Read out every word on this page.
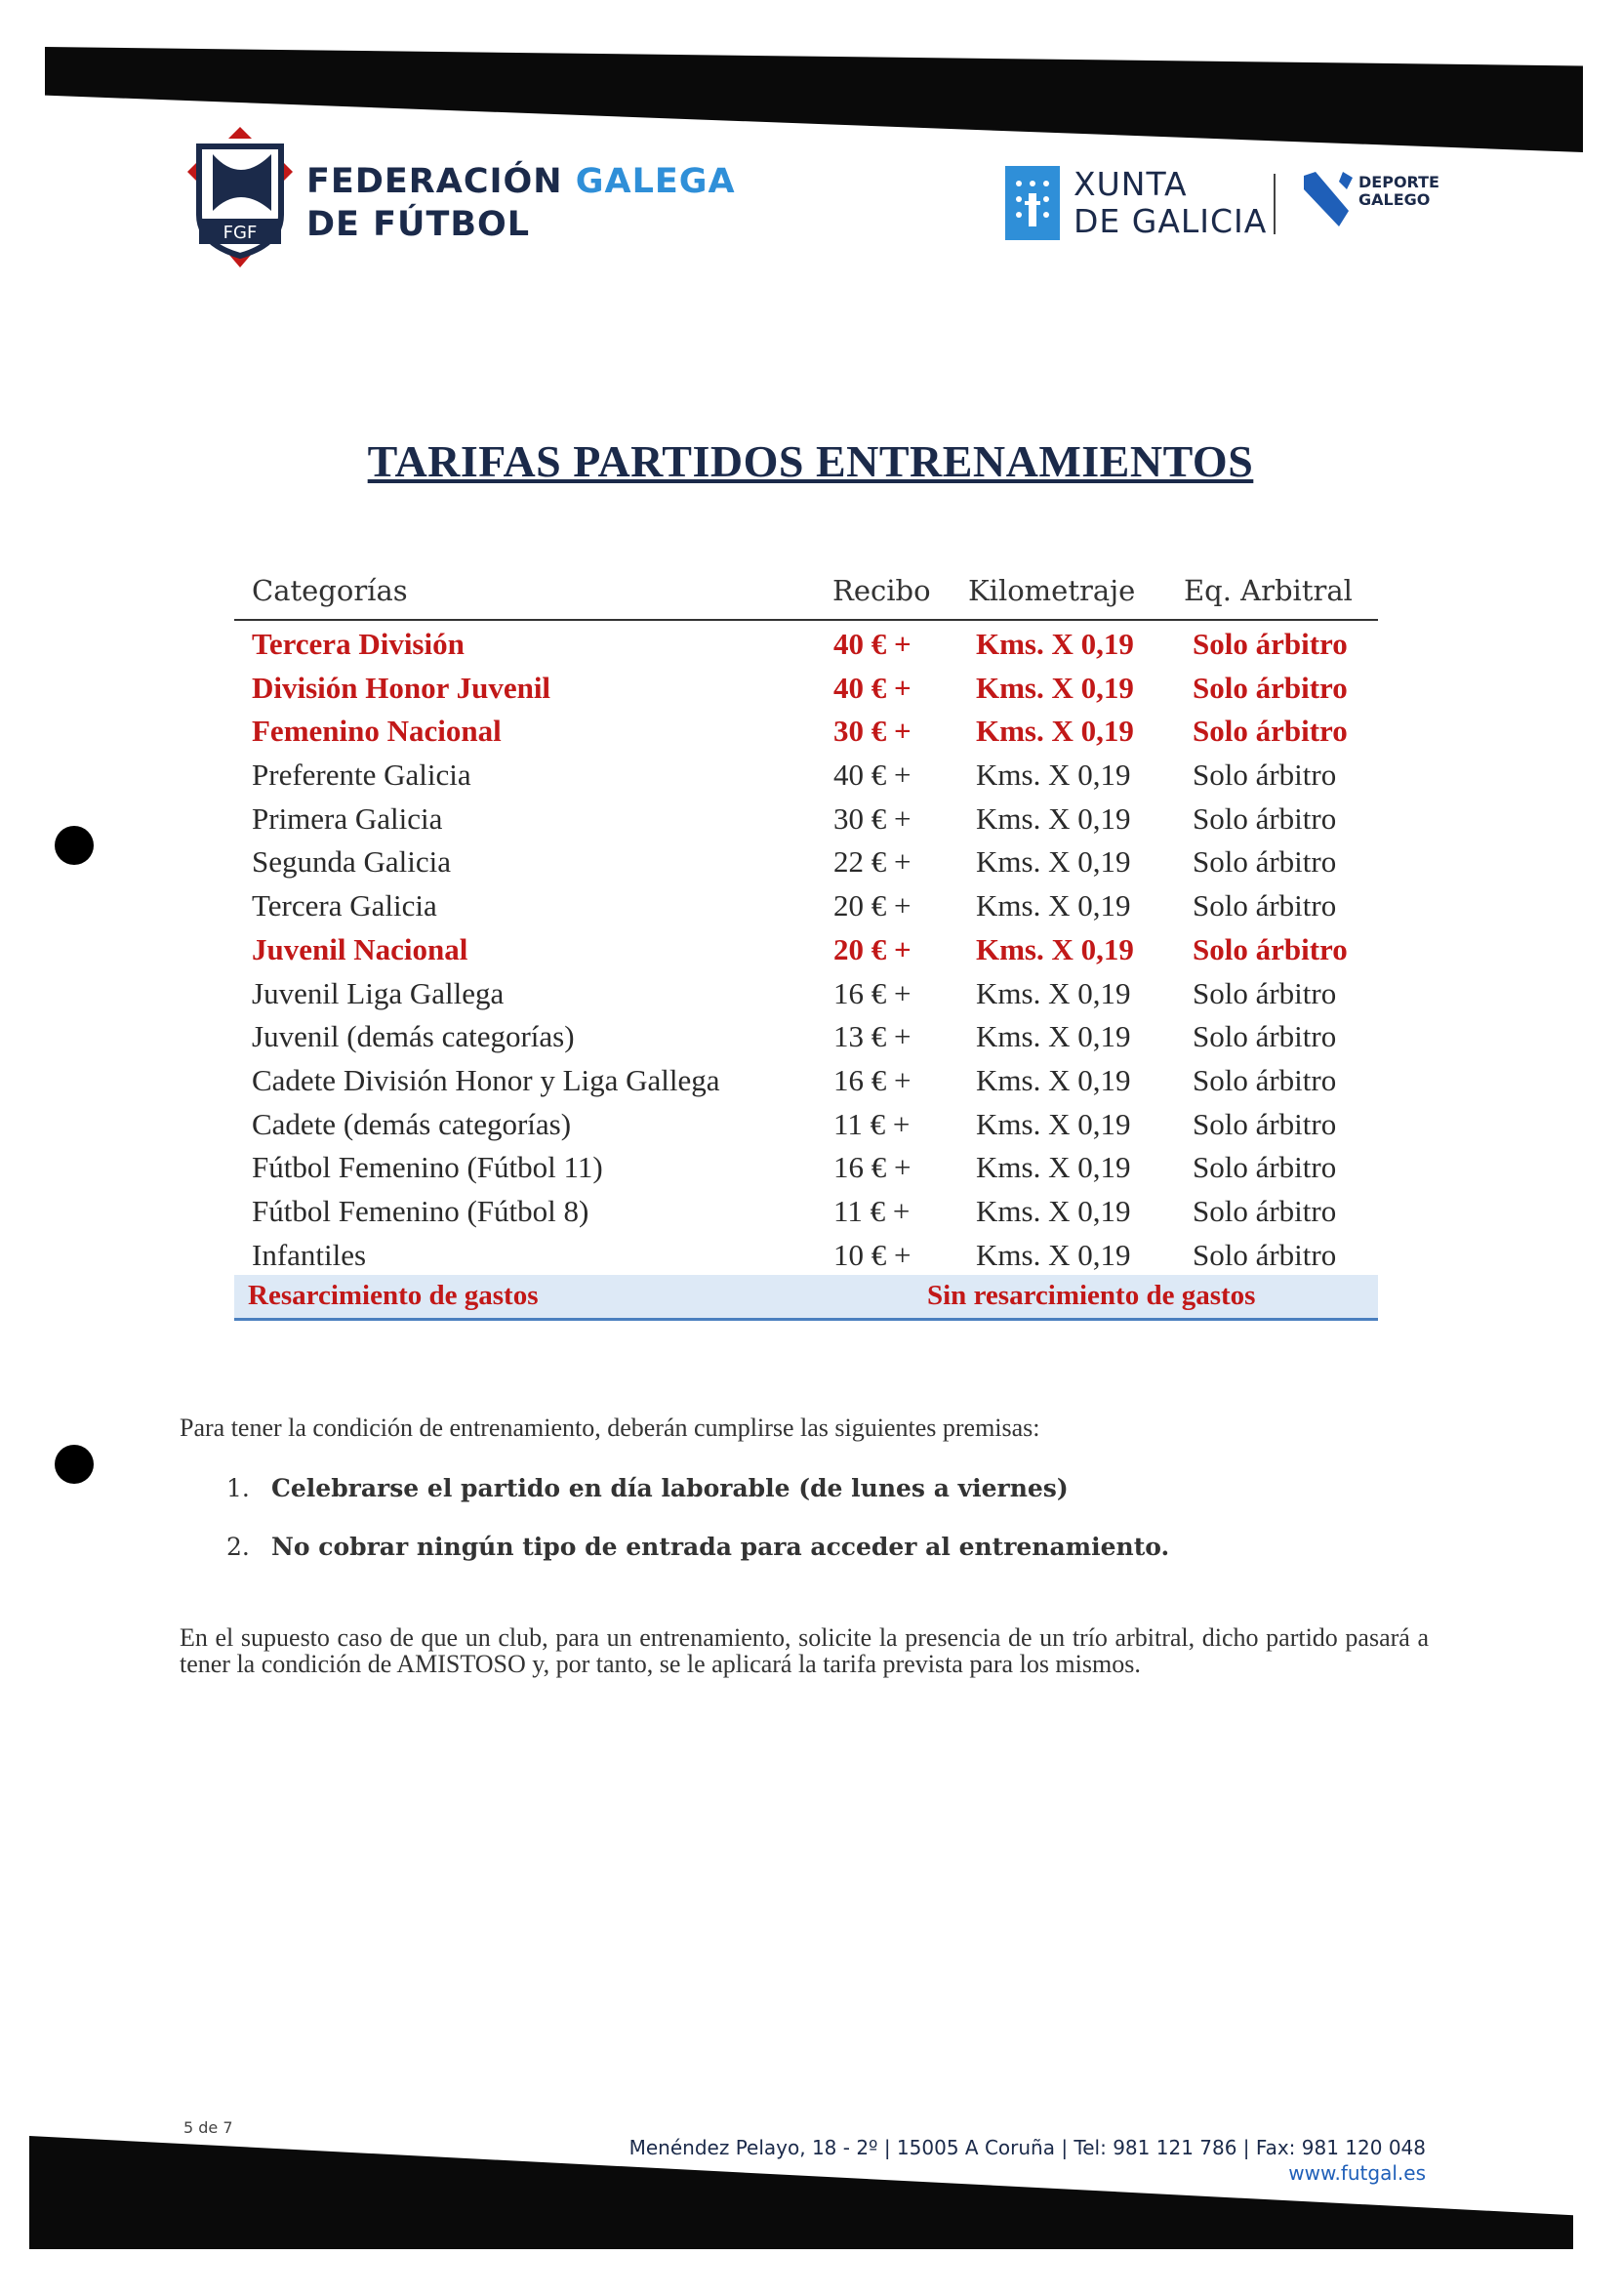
FGF
FEDERACIÓN GALEGA
DE FÚTBOL
XUNTA
DE GALICIA
DEPORTE
GALEGO
TARIFAS PARTIDOS ENTRENAMIENTOS
Categorías	Recibo Kilometraje Eq. Arbitral
Tercera División	40 € + Kms. X 0,19 Solo árbitro
División Honor Juvenil	40 € + Kms. X 0,19 Solo árbitro
Femenino Nacional	30 € + Kms. X 0,19 Solo árbitro
Preferente Galicia	40 € + Kms. X 0,19 Solo árbitro
Primera Galicia	30 € + Kms. X 0,19 Solo árbitro
Segunda Galicia	22 € + Kms. X 0,19 Solo árbitro
Tercera Galicia	20 € + Kms. X 0,19 Solo árbitro
Juvenil Nacional	20 € + Kms. X 0,19 Solo árbitro
Juvenil Liga Gallega	16 € + Kms. X 0,19 Solo árbitro
Juvenil (demás categorías)	13 € + Kms. X 0,19 Solo árbitro
Cadete División Honor y Liga Gallega	16 € + Kms. X 0,19 Solo árbitro
Cadete (demás categorías)	11 € + Kms. X 0,19 Solo árbitro
Fútbol Femenino (Fútbol 11)	16 € + Kms. X 0,19 Solo árbitro
Fútbol Femenino (Fútbol 8)	11 € + Kms. X 0,19 Solo árbitro
Infantiles	10 € + Kms. X 0,19 Solo árbitro
Resarcimiento de gastos	Sin resarcimiento de gastos
Para tener la condición de entrenamiento, deberán cumplirse las siguientes premisas:
1. Celebrarse el partido en día laborable (de lunes a viernes)
2. No cobrar ningún tipo de entrada para acceder al entrenamiento.
En el supuesto caso de que un club, para un entrenamiento, solicite la presencia de un trío arbitral, dicho partido pasará a tener la condición de AMISTOSO y, por tanto, se le aplicará la tarifa prevista para los mismos.
5 de 7
Menéndez Pelayo, 18 - 2º | 15005 A Coruña | Tel: 981 121 786 | Fax: 981 120 048
www.futgal.es
